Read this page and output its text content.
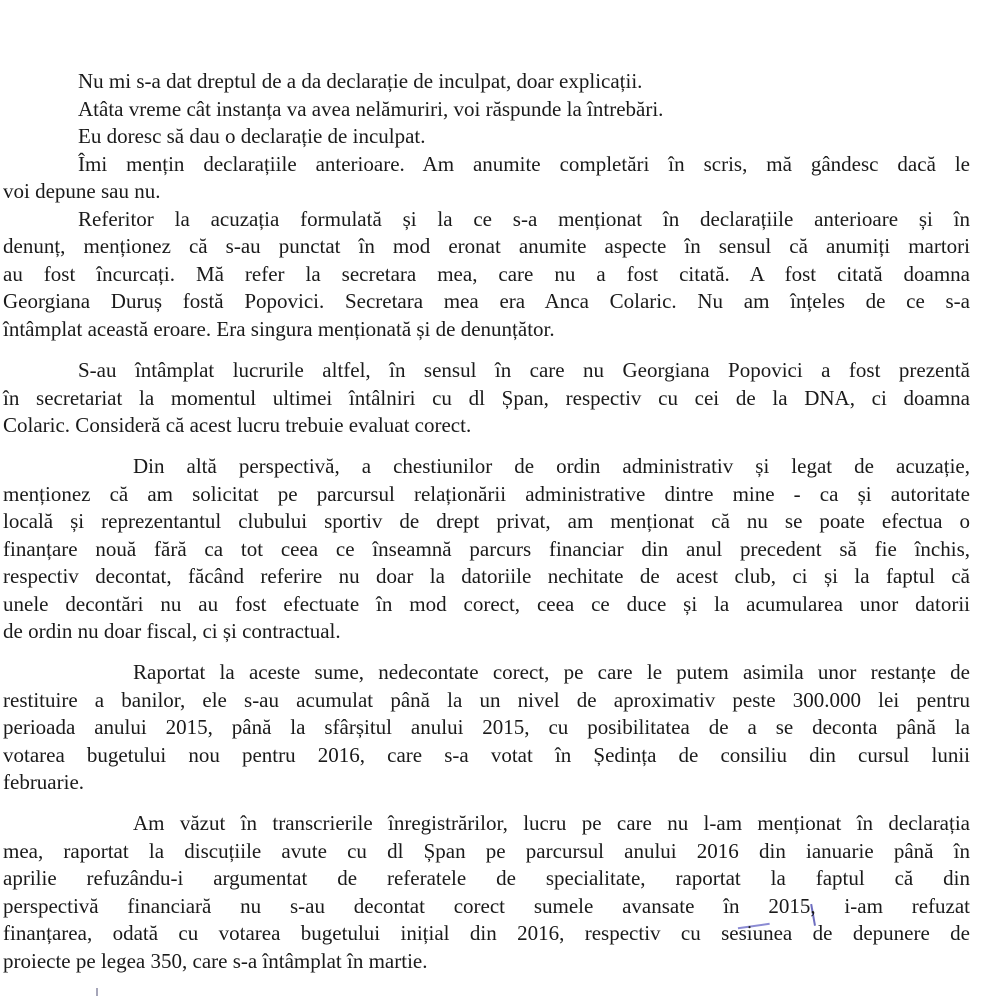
Nu mi s-a dat dreptul de a da declarație de inculpat, doar explicații.
Atâta vreme cât instanța va avea nelămuriri, voi răspunde la întrebări.
Eu doresc să dau o declarație de inculpat.
Îmi mențin declarațiile anterioare. Am anumite completări în scris, mă gândesc dacă le
voi depune sau nu.
Referitor la acuzația formulată și la ce s-a menționat în declarațiile anterioare și în
denunț, menționez că s-au punctat în mod eronat anumite aspecte în sensul că anumiți martori
au fost încurcați. Mă refer la secretara mea, care nu a fost citată. A fost citată doamna
Georgiana Duruș fostă Popovici. Secretara mea era Anca Colaric. Nu am înțeles de ce s-a
întâmplat această eroare. Era singura menționată și de denunțător.
S-au întâmplat lucrurile altfel, în sensul în care nu Georgiana Popovici a fost prezentă
în secretariat la momentul ultimei întâlniri cu dl Șpan, respectiv cu cei de la DNA, ci doamna
Colaric. Consideră că acest lucru trebuie evaluat corect.
Din altă perspectivă, a chestiunilor de ordin administrativ și legat de acuzație,
menționez că am solicitat pe parcursul relaționării administrative dintre mine - ca și autoritate
locală și reprezentantul clubului sportiv de drept privat, am menționat că nu se poate efectua o
finanțare nouă fără ca tot ceea ce înseamnă parcurs financiar din anul precedent să fie închis,
respectiv decontat, făcând referire nu doar la datoriile nechitate de acest club, ci și la faptul că
unele decontări nu au fost efectuate în mod corect, ceea ce duce și la acumularea unor datorii
de ordin nu doar fiscal, ci și contractual.
Raportat la aceste sume, nedecontate corect, pe care le putem asimila unor restanțe de
restituire a banilor, ele s-au acumulat până la un nivel de aproximativ peste 300.000 lei pentru
perioada anului 2015, până la sfârșitul anului 2015, cu posibilitatea de a se deconta până la
votarea bugetului nou pentru 2016, care s-a votat în Ședința de consiliu din cursul lunii
februarie.
Am văzut în transcrierile înregistrărilor, lucru pe care nu l-am menționat în declarația
mea, raportat la discuțiile avute cu dl Șpan pe parcursul anului 2016 din ianuarie până în
aprilie refuzându-i argumentat de referatele de specialitate, raportat la faptul că din
perspectivă financiară nu s-au decontat corect sumele avansate în 2015, i-am refuzat
finanțarea, odată cu votarea bugetului inițial din 2016, respectiv cu sesiunea de depunere de
proiecte pe legea 350, care s-a întâmplat în martie.
